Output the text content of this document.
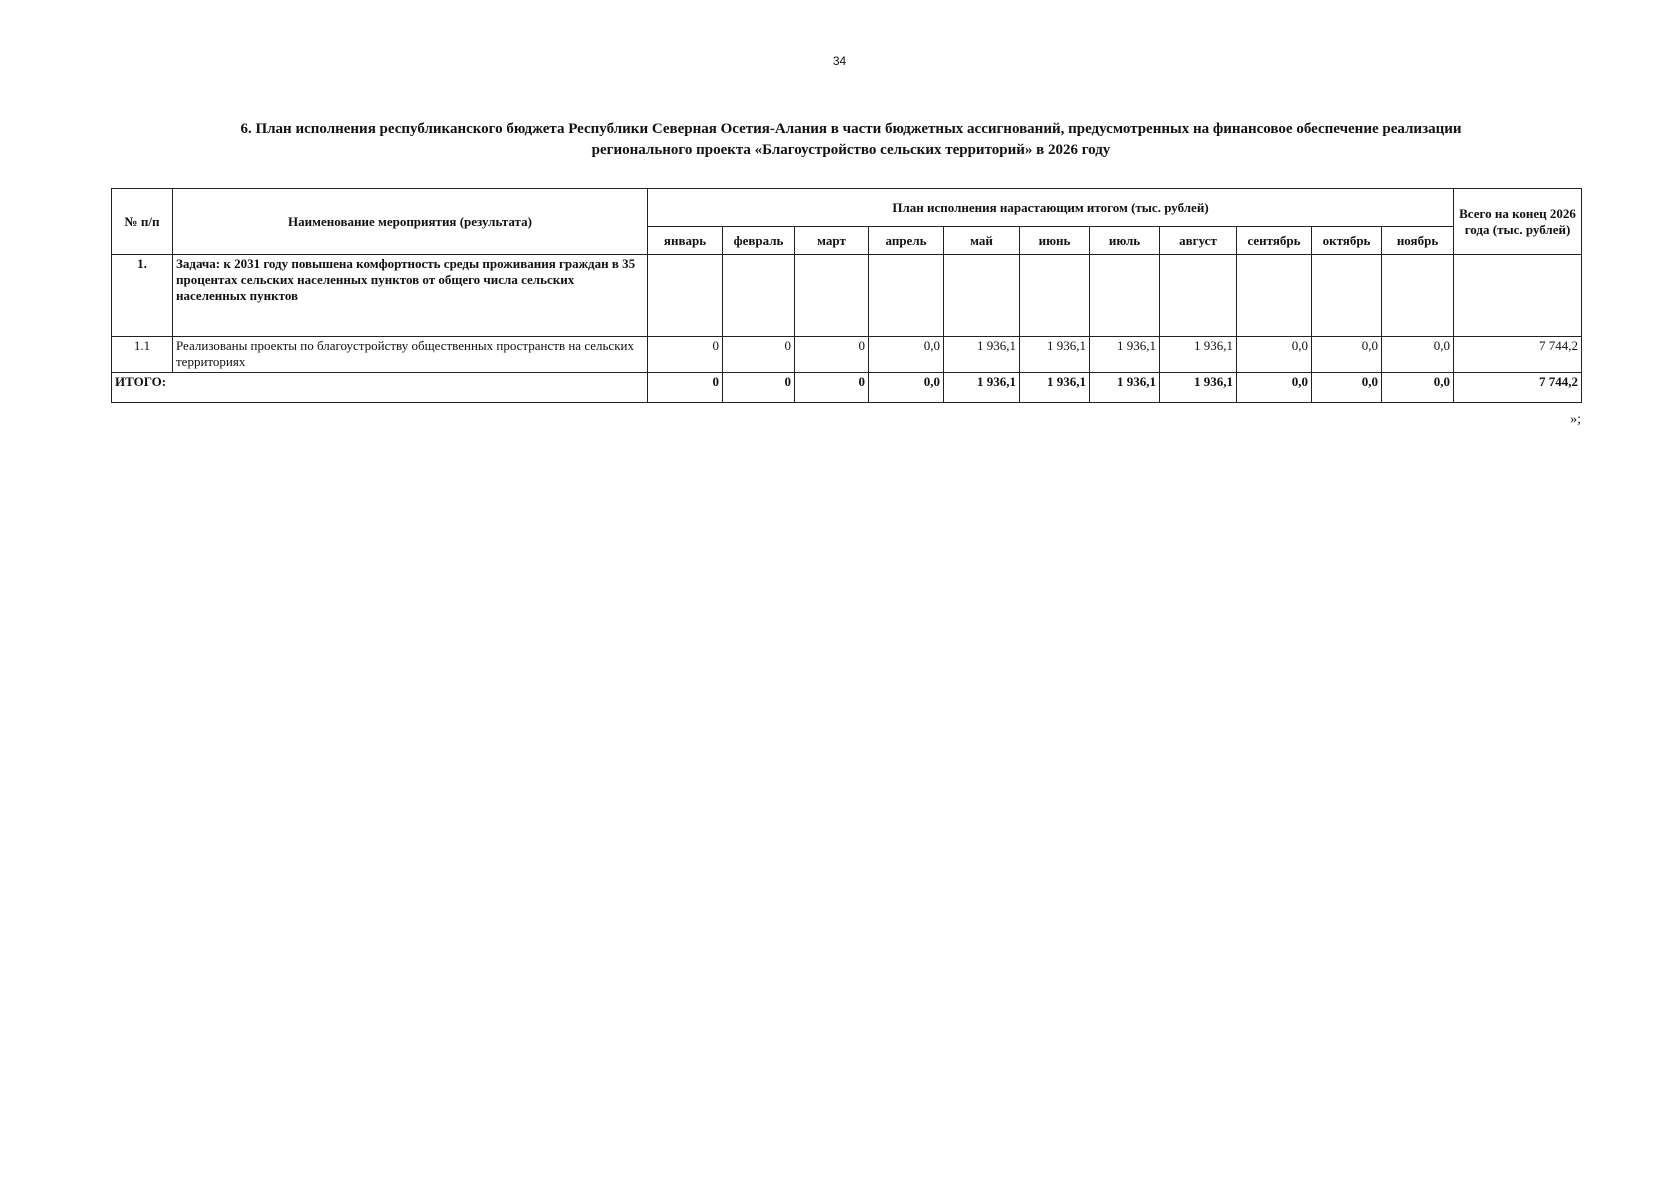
34
6. План исполнения республиканского бюджета Республики Северная Осетия-Алания в части бюджетных ассигнований, предусмотренных на финансовое обеспечение реализации
регионального проекта «Благоустройство сельских территорий» в 2026 году
№ п/п	Наименование мероприятия (результата)	План исполнения нарастающим итогом (тыс. рублей)											Всего на конец 2026 года (тыс. рублей)
		январь	февраль	март	апрель	май	июнь	июль	август	сентябрь	октябрь	ноябрь	
1.	Задача: к 2031 году повышена комфортность среды проживания граждан в 35 процентах сельских населенных пунктов от общего числа сельских населенных пунктов												
1.1	Реализованы проекты по благоустройству общественных пространств на сельских территориях	0	0	0	0,0	1 936,1	1 936,1	1 936,1	1 936,1	0,0	0,0	0,0	7 744,2
ИТОГО:		0	0	0	0,0	1 936,1	1 936,1	1 936,1	1 936,1	0,0	0,0	0,0	7 744,2
»;
